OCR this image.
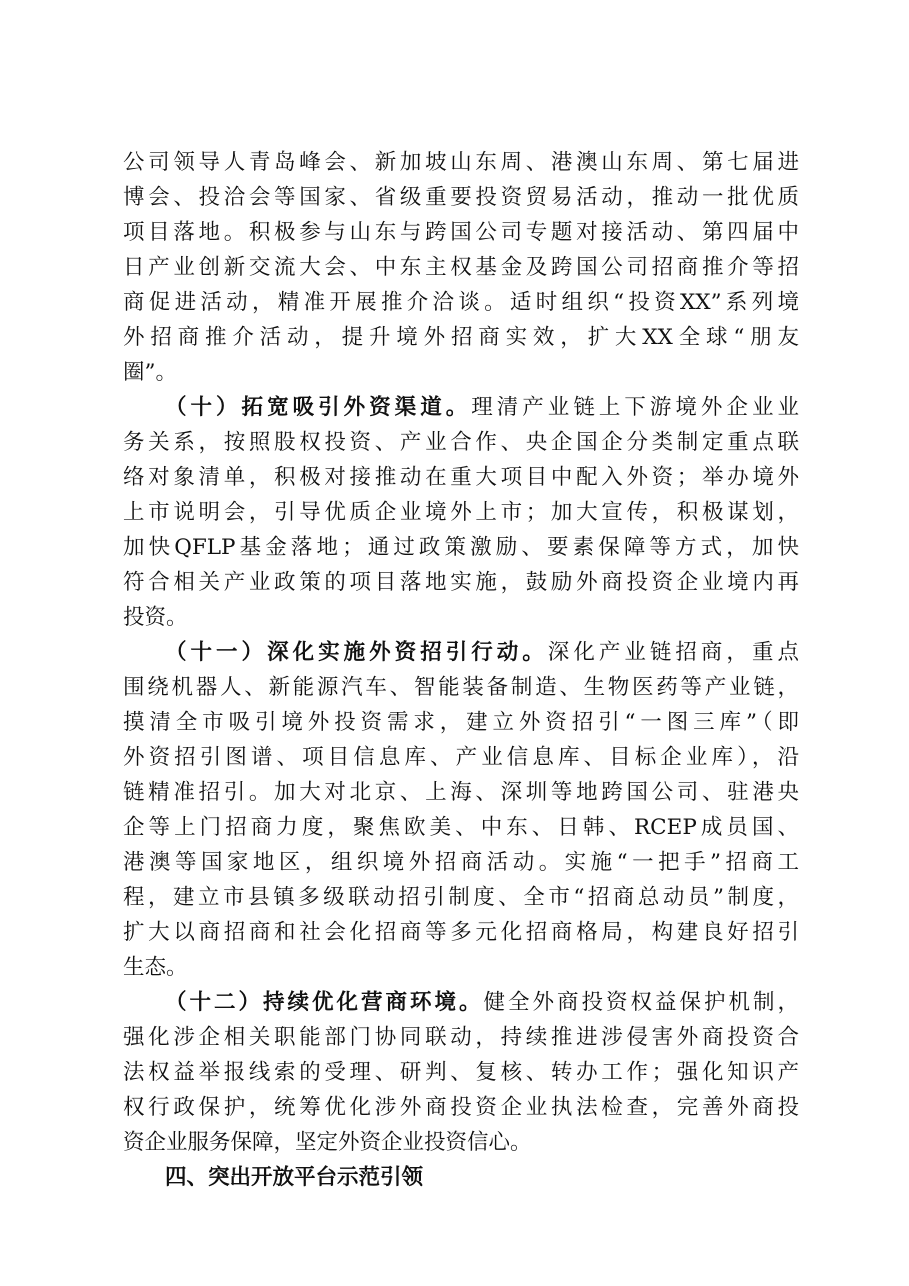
公司领导人青岛峰会、新加坡山东周、港澳山东周、第七届进
博会、投洽会等国家、省级重要投资贸易活动，推动一批优质
项目落地。积极参与山东与跨国公司专题对接活动、第四届中
日产业创新交流大会、中东主权基金及跨国公司招商推介等招
商促进活动，精准开展推介洽谈。适时组织“投资XX”系列境
外招商推介活动，提升境外招商实效，扩大XX全球“朋友
圈”。
（十）拓宽吸引外资渠道。理清产业链上下游境外企业业
务关系，按照股权投资、产业合作、央企国企分类制定重点联
络对象清单，积极对接推动在重大项目中配入外资；举办境外
上市说明会，引导优质企业境外上市；加大宣传，积极谋划，
加快QFLP基金落地；通过政策激励、要素保障等方式，加快
符合相关产业政策的项目落地实施，鼓励外商投资企业境内再
投资。
（十一）深化实施外资招引行动。深化产业链招商，重点
围绕机器人、新能源汽车、智能装备制造、生物医药等产业链，
摸清全市吸引境外投资需求，建立外资招引“一图三库”（即
外资招引图谱、项目信息库、产业信息库、目标企业库），沿
链精准招引。加大对北京、上海、深圳等地跨国公司、驻港央
企等上门招商力度，聚焦欧美、中东、日韩、RCEP成员国、
港澳等国家地区，组织境外招商活动。实施“一把手”招商工
程，建立市县镇多级联动招引制度、全市“招商总动员”制度，
扩大以商招商和社会化招商等多元化招商格局，构建良好招引
生态。
（十二）持续优化营商环境。健全外商投资权益保护机制，
强化涉企相关职能部门协同联动，持续推进涉侵害外商投资合
法权益举报线索的受理、研判、复核、转办工作；强化知识产
权行政保护，统筹优化涉外商投资企业执法检查，完善外商投
资企业服务保障，坚定外资企业投资信心。
四、突出开放平台示范引领
